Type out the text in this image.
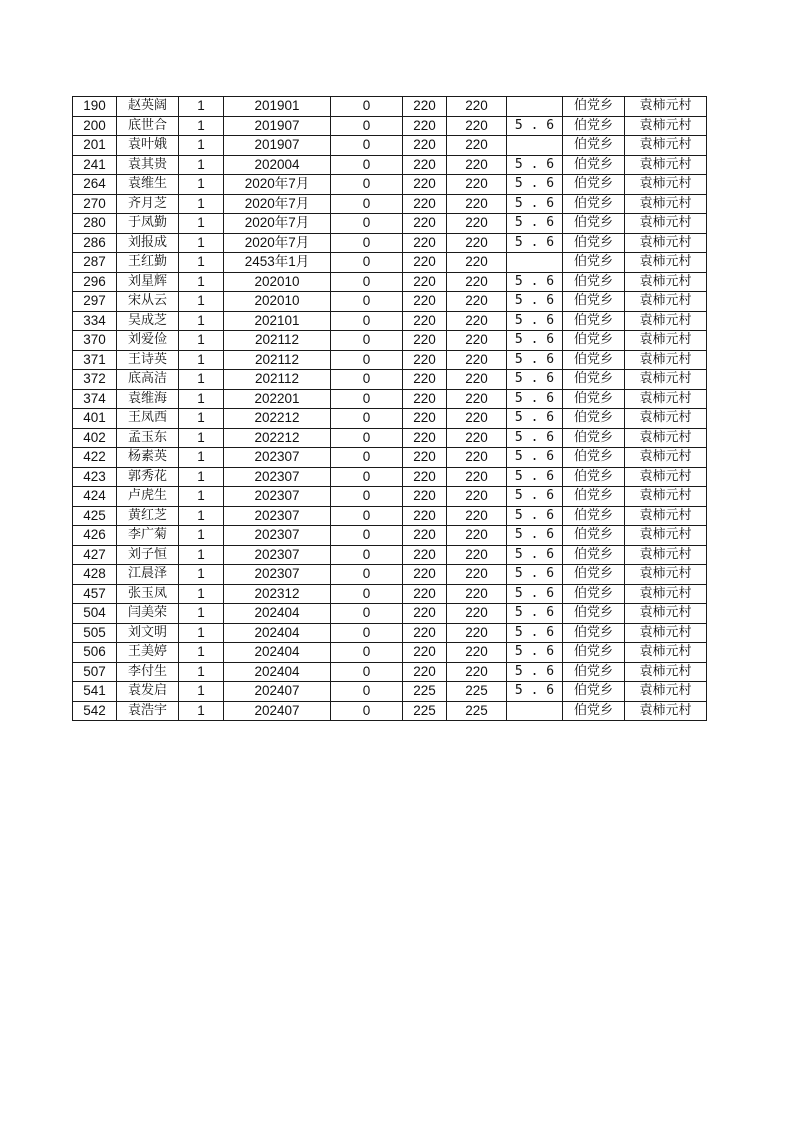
190	赵英阔	1	201901	0	220	220		伯党乡	袁柿元村
200	底世合	1	201907	0	220	220	5 . 6	伯党乡	袁柿元村
201	袁叶娥	1	201907	0	220	220		伯党乡	袁柿元村
241	袁其贵	1	202004	0	220	220	5 . 6	伯党乡	袁柿元村
264	袁维生	1	2020年7月	0	220	220	5 . 6	伯党乡	袁柿元村
270	齐月芝	1	2020年7月	0	220	220	5 . 6	伯党乡	袁柿元村
280	于凤勤	1	2020年7月	0	220	220	5 . 6	伯党乡	袁柿元村
286	刘报成	1	2020年7月	0	220	220	5 . 6	伯党乡	袁柿元村
287	王红勤	1	2453年1月	0	220	220		伯党乡	袁柿元村
296	刘星辉	1	202010	0	220	220	5 . 6	伯党乡	袁柿元村
297	宋从云	1	202010	0	220	220	5 . 6	伯党乡	袁柿元村
334	吴成芝	1	202101	0	220	220	5 . 6	伯党乡	袁柿元村
370	刘爱俭	1	202112	0	220	220	5 . 6	伯党乡	袁柿元村
371	王诗英	1	202112	0	220	220	5 . 6	伯党乡	袁柿元村
372	底高洁	1	202112	0	220	220	5 . 6	伯党乡	袁柿元村
374	袁维海	1	202201	0	220	220	5 . 6	伯党乡	袁柿元村
401	王凤西	1	202212	0	220	220	5 . 6	伯党乡	袁柿元村
402	孟玉东	1	202212	0	220	220	5 . 6	伯党乡	袁柿元村
422	杨素英	1	202307	0	220	220	5 . 6	伯党乡	袁柿元村
423	郭秀花	1	202307	0	220	220	5 . 6	伯党乡	袁柿元村
424	卢虎生	1	202307	0	220	220	5 . 6	伯党乡	袁柿元村
425	黄红芝	1	202307	0	220	220	5 . 6	伯党乡	袁柿元村
426	李广菊	1	202307	0	220	220	5 . 6	伯党乡	袁柿元村
427	刘子恒	1	202307	0	220	220	5 . 6	伯党乡	袁柿元村
428	江晨泽	1	202307	0	220	220	5 . 6	伯党乡	袁柿元村
457	张玉凤	1	202312	0	220	220	5 . 6	伯党乡	袁柿元村
504	闫美荣	1	202404	0	220	220	5 . 6	伯党乡	袁柿元村
505	刘文明	1	202404	0	220	220	5 . 6	伯党乡	袁柿元村
506	王美婷	1	202404	0	220	220	5 . 6	伯党乡	袁柿元村
507	李付生	1	202404	0	220	220	5 . 6	伯党乡	袁柿元村
541	袁发启	1	202407	0	225	225	5 . 6	伯党乡	袁柿元村
542	袁浩宇	1	202407	0	225	225		伯党乡	袁柿元村
